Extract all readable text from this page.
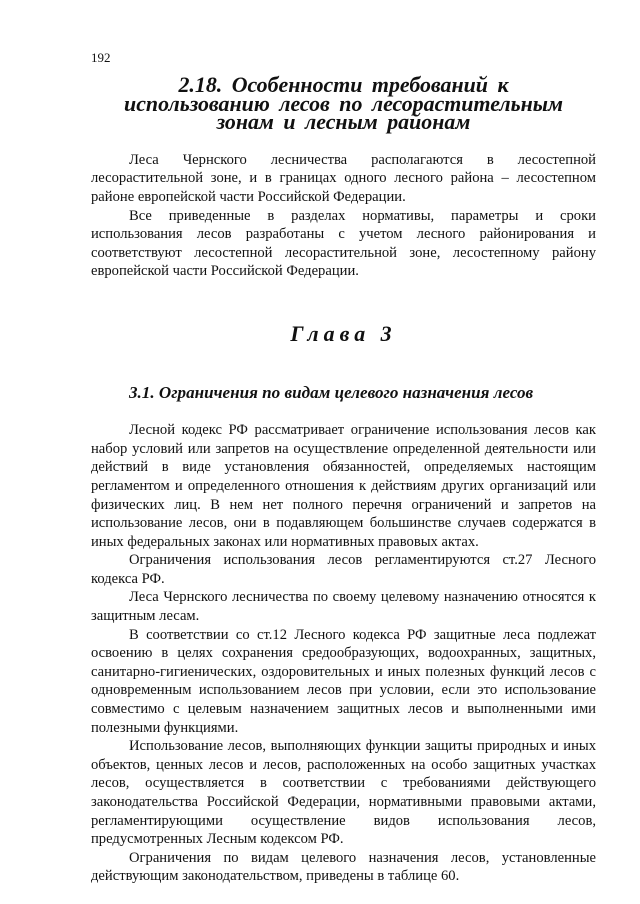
192
2.18. Особенности требований к использованию лесов по лесорастительным зонам и лесным районам

Леса Чернского лесничества располагаются в лесостепной лесорастительной зоне, и в границах одного лесного района – лесостепном районе европейской части Российской Федерации.

Все приведенные в разделах нормативы, параметры и сроки использования лесов разработаны с учетом лесного районирования и соответствуют лесостепной лесорастительной зоне, лесостепному району европейской части Российской Федерации.

Глава 3
3.1. Ограничения по видам целевого назначения лесов

Лесной кодекс РФ рассматривает ограничение использования лесов как набор условий или запретов на осуществление определенной деятельности или действий в виде установления обязанностей, определяемых настоящим регламентом и определенного отношения к действиям других организаций или физических лиц. В нем нет полного перечня ограничений и запретов на использование лесов, они в подавляющем большинстве случаев содержатся в иных федеральных законах или нормативных правовых актах.

Ограничения использования лесов регламентируются ст.27 Лесного кодекса РФ.

Леса Чернского лесничества по своему целевому назначению относятся к защитным лесам.

В соответствии со ст.12 Лесного кодекса РФ защитные леса подлежат освоению в целях сохранения средообразующих, водоохранных, защитных, санитарно-гигиенических, оздоровительных и иных полезных функций лесов с одновременным использованием лесов при условии, если это использование совместимо с целевым назначением защитных лесов и выполненными ими полезными функциями.

Использование лесов, выполняющих функции защиты природных и иных объектов, ценных лесов и лесов, расположенных на особо защитных участках лесов, осуществляется в соответствии с требованиями действующего законодательства Российской Федерации, нормативными правовыми актами, регламентирующими осуществление видов использования лесов, предусмотренных Лесным кодексом РФ.

Ограничения по видам целевого назначения лесов, установленные действующим законодательством, приведены в таблице 60.
